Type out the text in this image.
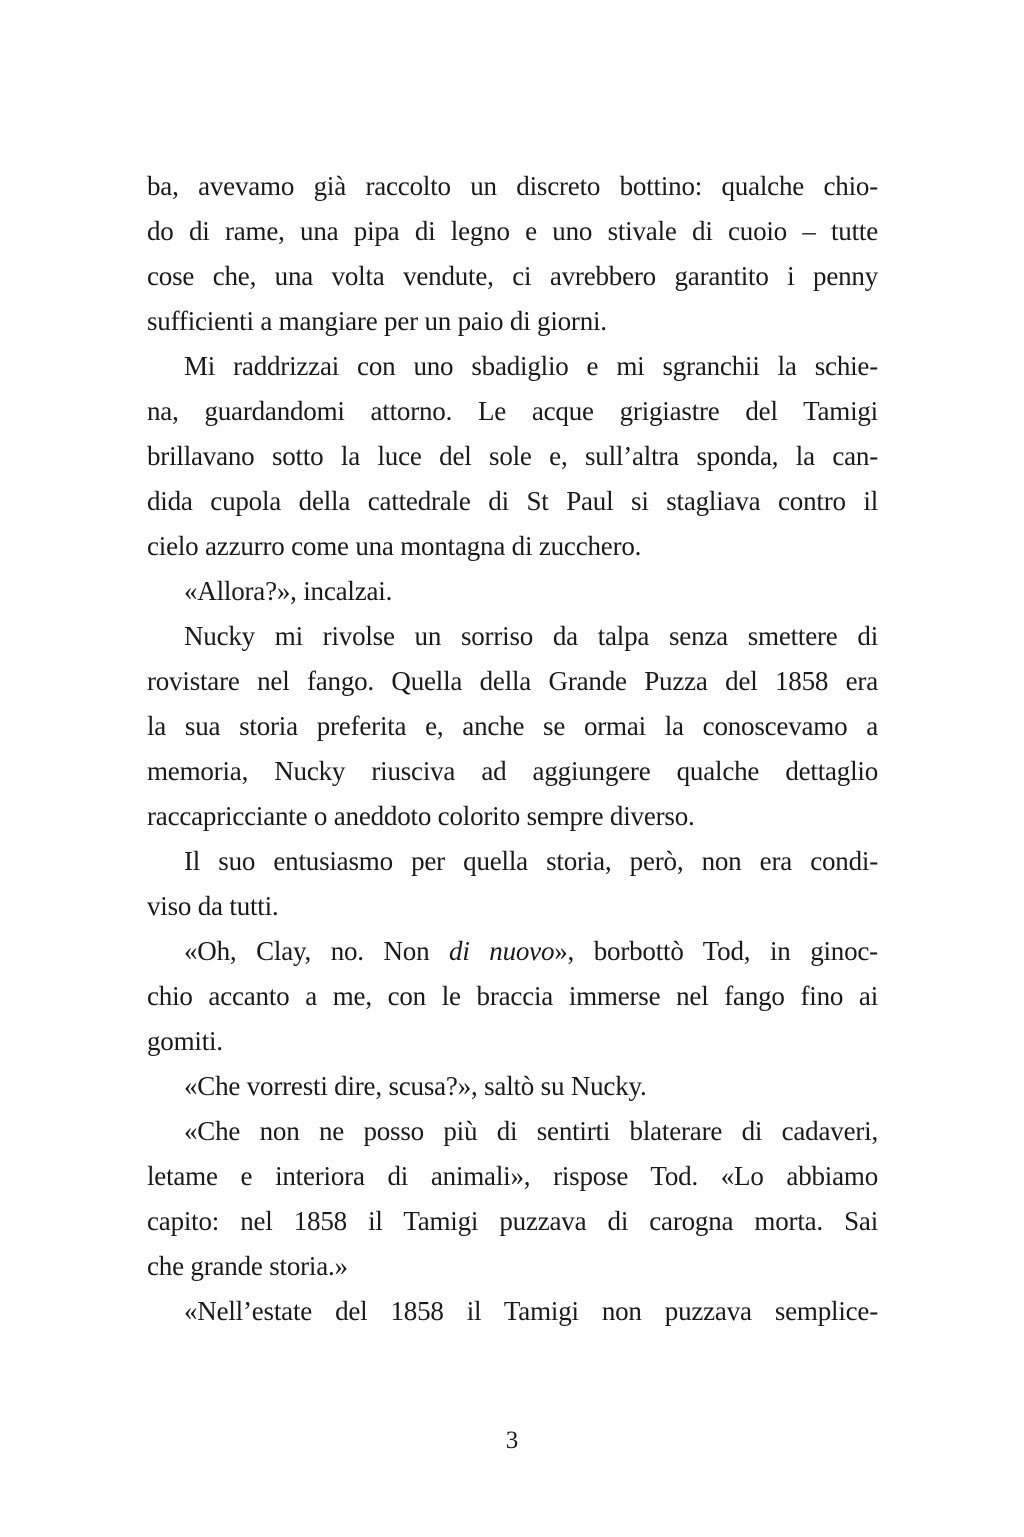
ba, avevamo già raccolto un discreto bottino: qualche chio-
do di rame, una pipa di legno e uno stivale di cuoio – tutte
cose che, una volta vendute, ci avrebbero garantito i penny
sufficienti a mangiare per un paio di giorni.
Mi raddrizzai con uno sbadiglio e mi sgranchii la schie-
na, guardandomi attorno. Le acque grigiastre del Tamigi
brillavano sotto la luce del sole e, sull’altra sponda, la can-
dida cupola della cattedrale di St Paul si stagliava contro il
cielo azzurro come una montagna di zucchero.
«Allora?», incalzai.
Nucky mi rivolse un sorriso da talpa senza smettere di
rovistare nel fango. Quella della Grande Puzza del 1858 era
la sua storia preferita e, anche se ormai la conoscevamo a
memoria, Nucky riusciva ad aggiungere qualche dettaglio
raccapricciante o aneddoto colorito sempre diverso.
Il suo entusiasmo per quella storia, però, non era condi-
viso da tutti.
«Oh, Clay, no. Non di nuovo», borbottò Tod, in ginoc-
chio accanto a me, con le braccia immerse nel fango fino ai
gomiti.
«Che vorresti dire, scusa?», saltò su Nucky.
«Che non ne posso più di sentirti blaterare di cadaveri,
letame e interiora di animali», rispose Tod. «Lo abbiamo
capito: nel 1858 il Tamigi puzzava di carogna morta. Sai
che grande storia.»
«Nell’estate del 1858 il Tamigi non puzzava semplice-
3
